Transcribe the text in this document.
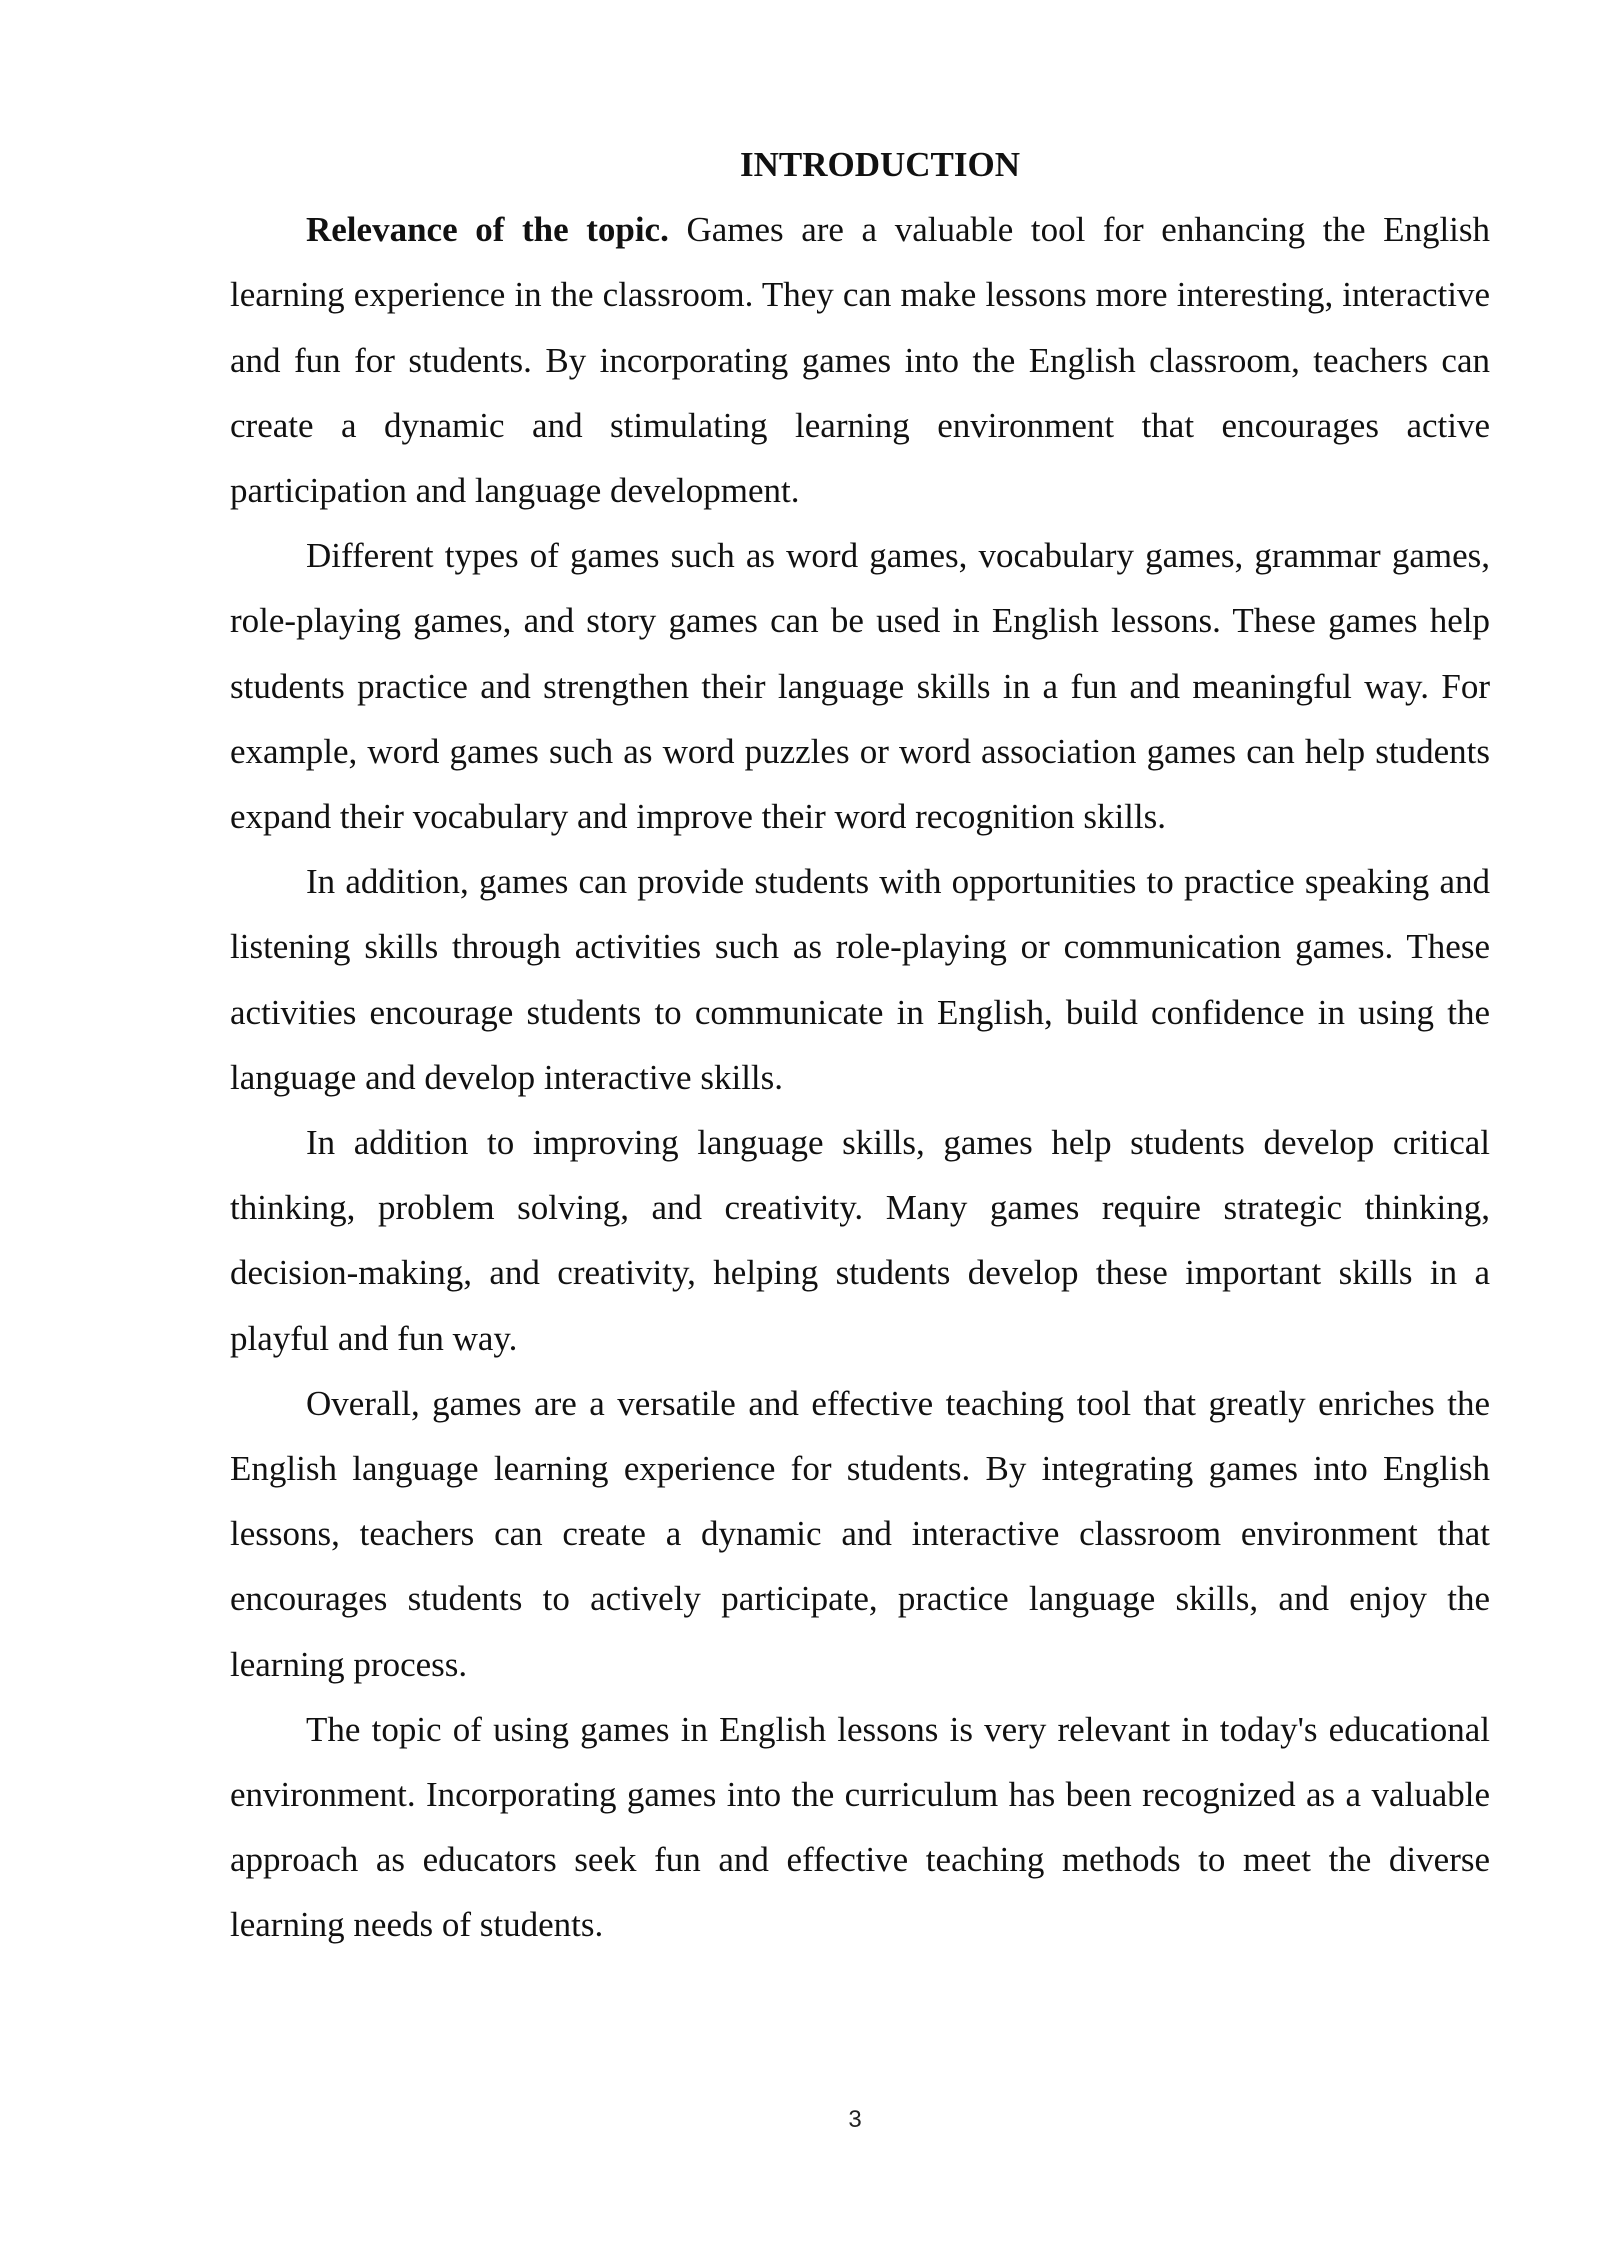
INTRODUCTION

Relevance of the topic. Games are a valuable tool for enhancing the English learning experience in the classroom. They can make lessons more interesting, interactive and fun for students. By incorporating games into the English classroom, teachers can create a dynamic and stimulating learning environment that encourages active participation and language development.

Different types of games such as word games, vocabulary games, grammar games, role-playing games, and story games can be used in English lessons. These games help students practice and strengthen their language skills in a fun and meaningful way. For example, word games such as word puzzles or word association games can help students expand their vocabulary and improve their word recognition skills.

In addition, games can provide students with opportunities to practice speaking and listening skills through activities such as role-playing or communication games. These activities encourage students to communicate in English, build confidence in using the language and develop interactive skills.

In addition to improving language skills, games help students develop critical thinking, problem solving, and creativity. Many games require strategic thinking, decision-making, and creativity, helping students develop these important skills in a playful and fun way.

Overall, games are a versatile and effective teaching tool that greatly enriches the English language learning experience for students. By integrating games into English lessons, teachers can create a dynamic and interactive classroom environment that encourages students to actively participate, practice language skills, and enjoy the learning process.

The topic of using games in English lessons is very relevant in today's educational environment. Incorporating games into the curriculum has been recognized as a valuable approach as educators seek fun and effective teaching methods to meet the diverse learning needs of students.

3
